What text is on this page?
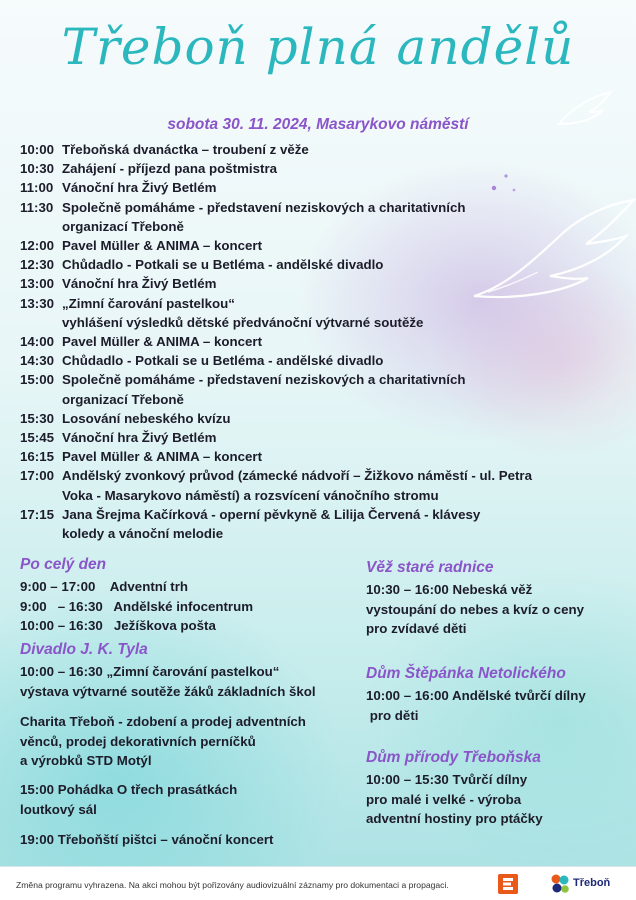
Třeboň plná andělů
sobota 30. 11. 2024, Masarykovo náměstí
10:00 Třeboňská dvanáctka – troubení z věže
10:30 Zahájení - příjezd pana poštmistra
11:00 Vánoční hra Živý Betlém
11:30 Společně pomáháme - představení neziskových a charitativních
organizací Třeboně
12:00 Pavel Müller & ANIMA – koncert
12:30 Chůdadlo - Potkali se u Betléma - andělské divadlo
13:00 Vánoční hra Živý Betlém
13:30 „Zimní čarování pastelkou“
vyhlášení výsledků dětské předvánoční výtvarné soutěže
14:00 Pavel Müller & ANIMA – koncert
14:30 Chůdadlo - Potkali se u Betléma - andělské divadlo
15:00 Společně pomáháme - představení neziskových a charitativních
organizací Třeboně
15:30 Losování nebeského kvízu
15:45 Vánoční hra Živý Betlém
16:15 Pavel Müller & ANIMA – koncert
17:00 Andělský zvonkový průvod (zámecké nádvoří – Žižkovo náměstí - ul. Petra
Voka - Masarykovo náměstí) a rozsvícení vánočního stromu
17:15 Jana Šrejma Kačírková - operní pěvkyně & Lilija Červená - klávesy
koledy a vánoční melodie
Po celý den
9:00 – 17:00    Adventní trh
9:00   – 16:30   Andělské infocentrum
10:00 – 16:30   Ježíškova pošta
Divadlo J. K. Tyla
10:00 – 16:30 „Zimní čarování pastelkou“
výstava výtvarné soutěže žáků základních škol
Charita Třeboň - zdobení a prodej adventních
věnců, prodej dekorativních perníčků
a výrobků STD Motýl
15:00 Pohádka O třech prasátkách
loutkový sál
19:00 Třeboňští pištci – vánoční koncert
Věž staré radnice
10:30 – 16:00 Nebeská věž
vystoupání do nebes a kvíz o ceny
pro zvídavé děti
Dům Štěpánka Netolického
10:00 – 16:00 Andělské tvůrčí dílny
pro děti
Dům přírody Třeboňska
10:00 – 15:30 Tvůrčí dílny
pro malé i velké - výroba
adventní hostiny pro ptáčky
Změna programu vyhrazena. Na akci mohou být pořizovány audiovizuální záznamy pro dokumentaci a propagaci.	Třeboň
